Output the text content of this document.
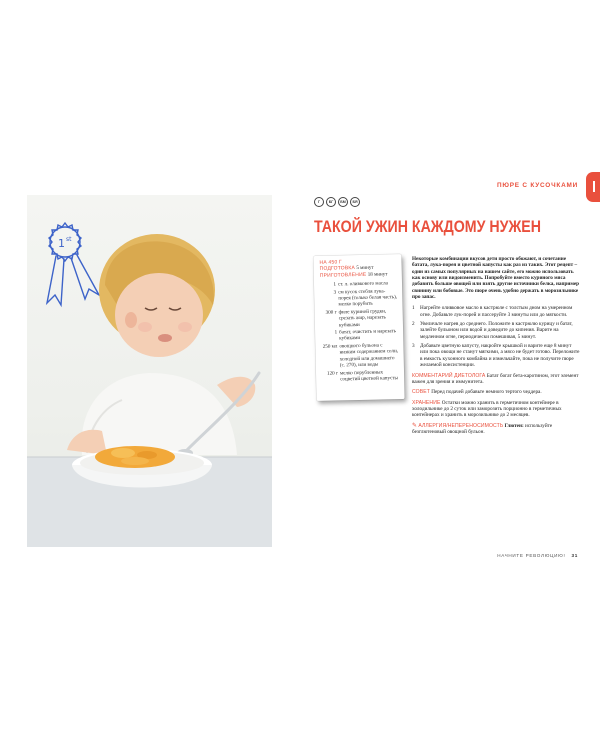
1 st
ПЮРЕ С КУСОЧКАМИ
Г	БГ	БМ	БЯ
ТАКОЙ УЖИН КАЖДОМУ НУЖЕН

НА 450 Г

ПОДГОТОВКА 5 минут

ПРИГОТОВЛЕНИЕ 18 минут

1 ст. л. оливкового масла
3 см кусок стебля лука-порея (только белая часть), мелко порубить
300 г филе куриной грудки, срезать жир, нарезать кубиками
1 батат, очистить и нарезать кубиками
250 мл овощного бульона с низким содержанием соли, холодной или домашнего (с. 270), или воды
120 г мелко порубленных соцветий цветной капусты

Некоторые комбинации вкусов дети просто обожают, и сочетание батата, лука-порея и цветной капусты как раз из таких. Этот рецепт – один из самых популярных на нашем сайте, его можно использовать как основу или видоизменить. Попробуйте вместо куриного мяса добавить больше овощей или взять другие источники белка, например свинину или бобовые. Это пюре очень удобно держать в морозильнике про запас.

1	Нагрейте оливковое масло в кастрюле с толстым дном на умеренном огне. Добавьте лук-порей и пассеруйте 3 минуты или до мягкости.
2	Увеличьте нагрев до среднего. Положите в кастрюлю курицу и батат, залейте бульоном или водой и доведите до кипения. Варите на медленном огне, периодически помешивая, 5 минут.
3	Добавьте цветную капусту, накройте крышкой и варите еще 8 минут или пока овощи не станут мягкими, а мясо не будет готово. Переложите в емкость кухонного комбайна и измельчайте, пока не получите пюре желаемой консистенции.

КОММЕНТАРИЙ ДИЕТОЛОГА Батат богат бета-каротином, этот элемент важен для зрения и иммунитета.

СОВЕТ Перед подачей добавьте немного тертого чеддера.

ХРАНЕНИЕ Остатки можно хранить в герметичном контейнере в холодильнике до 2 суток или заморозить порционно в герметичных контейнерах и хранить в морозильнике до 2 месяцев.

✎ АЛЛЕРГИЯ/НЕПЕРЕНОСИМОСТЬ Глютен: используйте безглютеновый овощной бульон.

НАЧНИТЕ РЕВОЛЮЦИЮ! 31
